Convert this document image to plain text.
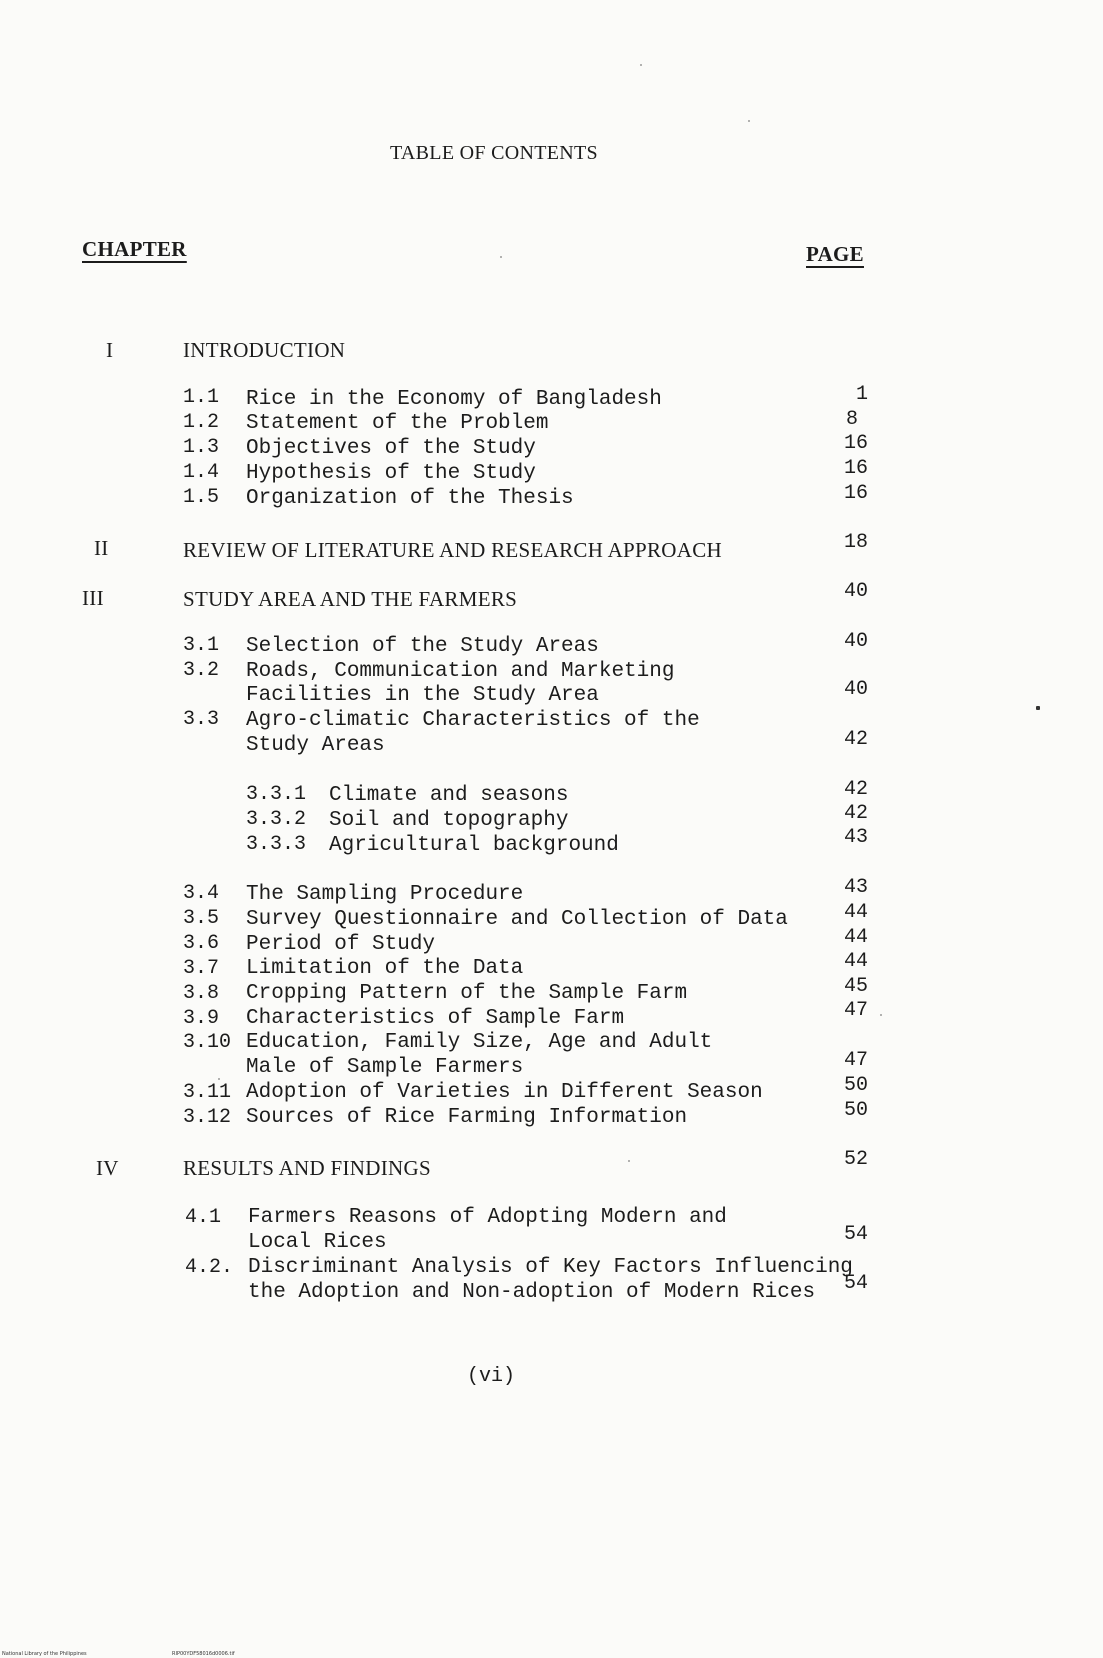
TABLE OF CONTENTS
CHAPTER	PAGE
I	INTRODUCTION
1.1 Rice in the Economy of Bangladesh	1
1.2 Statement of the Problem	8
1.3 Objectives of the Study	16
1.4 Hypothesis of the Study	16
1.5 Organization of the Thesis	16
II	REVIEW OF LITERATURE AND RESEARCH APPROACH	18
III	STUDY AREA AND THE FARMERS	40
3.1 Selection of the Study Areas	40
3.2 Roads, Communication and Marketing
Facilities in the Study Area	40
3.3 Agro-climatic Characteristics of the
Study Areas	42
3.3.1 Climate and seasons	42
3.3.2 Soil and topography	42
3.3.3 Agricultural background	43
3.4 The Sampling Procedure	43
3.5 Survey Questionnaire and Collection of Data	44
3.6 Period of Study	44
3.7 Limitation of the Data	44
3.8 Cropping Pattern of the Sample Farm	45
3.9 Characteristics of Sample Farm	47
3.10 Education, Family Size, Age and Adult
Male of Sample Farmers	47
3.11 Adoption of Varieties in Different Season	50
3.12 Sources of Rice Farming Information	50
IV	RESULTS AND FINDINGS	52
4.1 Farmers Reasons of Adopting Modern and
Local Rices	54
4.2. Discriminant Analysis of Key Factors Influencing
the Adoption and Non-adoption of Modern Rices	54
(vi)
National Library of the Philippines	RIP00YDF58016d0006.tif
